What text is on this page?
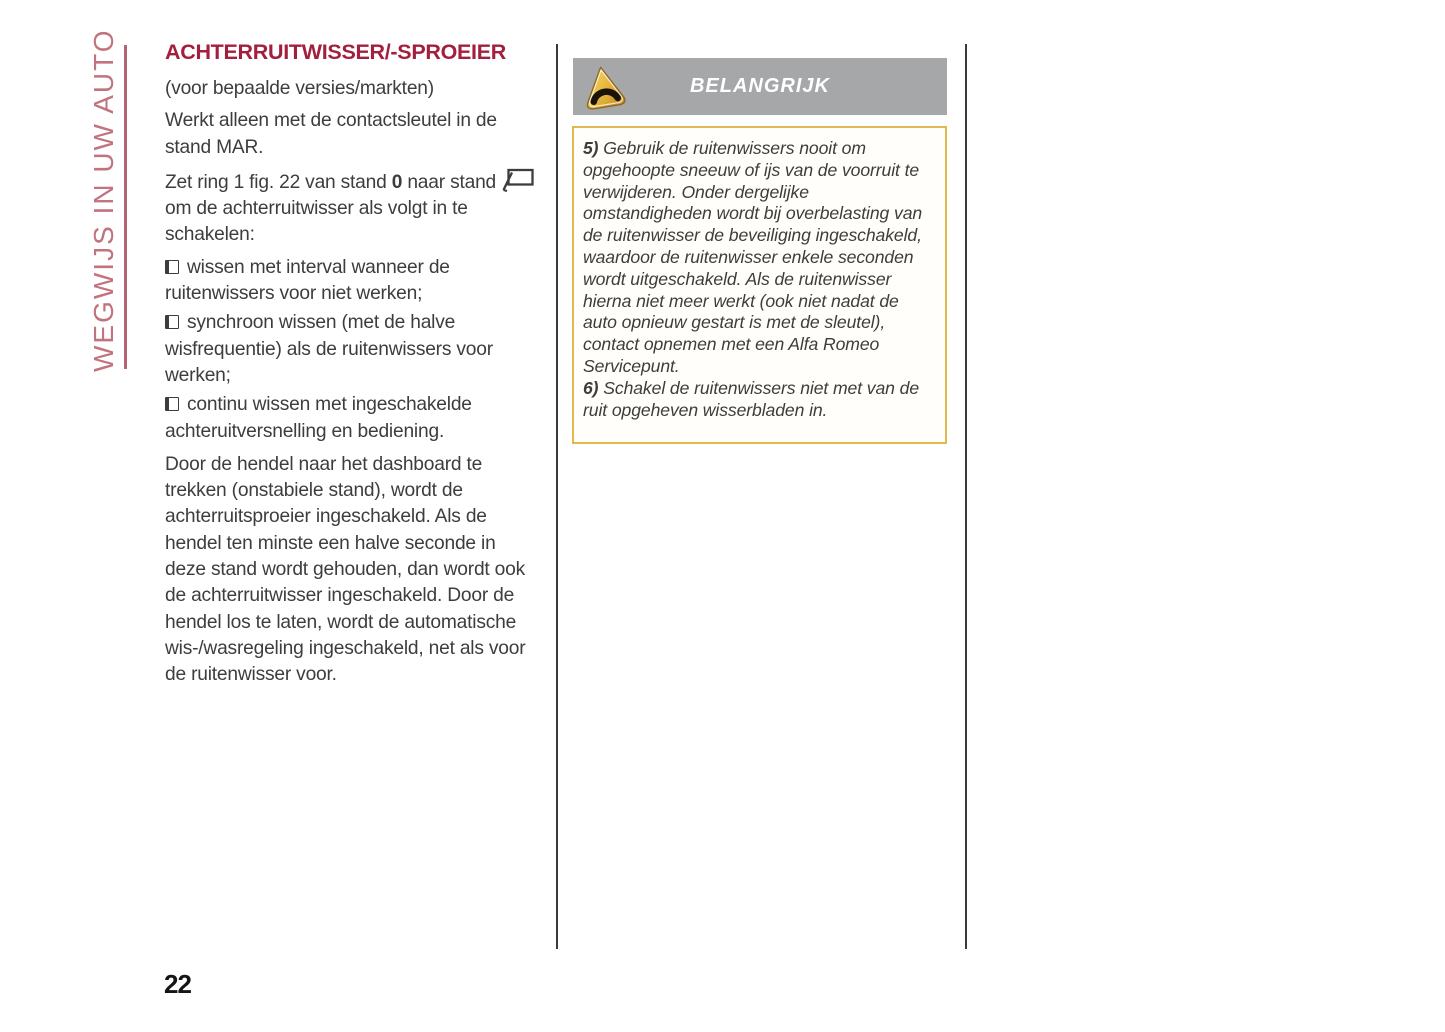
WEGWIJS IN UW AUTO ACHTERRUITWISSER/-SPROEIER

(voor bepaalde versies/markten)

Werkt alleen met de contactsleutel in de stand MAR.

Zet ring 1 fig. 22 van stand 0 naar stand  om de achterruitwisser als volgt in te schakelen:

wissen met interval wanneer de ruitenwissers voor niet werken;

synchroon wissen (met de halve wisfrequentie) als de ruitenwissers voor werken;

continu wissen met ingeschakelde achteruitversnelling en bediening.

Door de hendel naar het dashboard te trekken (onstabiele stand), wordt de achterruitsproeier ingeschakeld. Als de hendel ten minste een halve seconde in deze stand wordt gehouden, dan wordt ook de achterruitwisser ingeschakeld. Door de hendel los te laten, wordt de automatische wis-/wasregeling ingeschakeld, net als voor de ruitenwisser voor.

BELANGRIJK

5) Gebruik de ruitenwissers nooit om opgehoopte sneeuw of ijs van de voorruit te verwijderen. Onder dergelijke omstandigheden wordt bij overbelasting van de ruitenwisser de beveiliging ingeschakeld, waardoor de ruitenwisser enkele seconden wordt uitgeschakeld. Als de ruitenwisser hierna niet meer werkt (ook niet nadat de auto opnieuw gestart is met de sleutel), contact opnemen met een Alfa Romeo Servicepunt.

6) Schakel de ruitenwissers niet met van de ruit opgeheven wisserbladen in.

22
